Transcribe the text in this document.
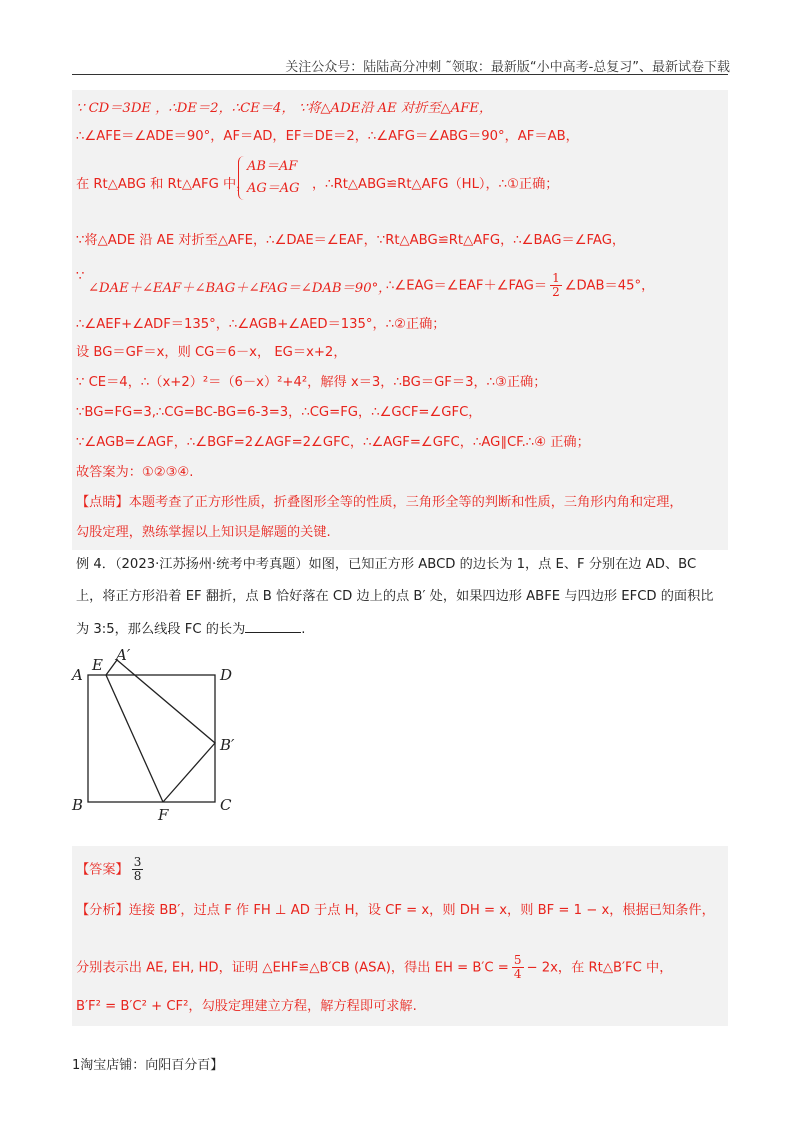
关注公众号：陆陆高分冲刺 ˜领取：最新版“小中高考-总复习”、最新试卷下载
∵ CD＝3DE ，∴DE＝2，∴CE＝4， ∵将△ADE沿 AE 对折至△AFE，
∴∠AFE＝∠ADE＝90°，AF＝AD，EF＝DE＝2，∴∠AFG＝∠ABG＝90°，AF＝AB，
在 Rt△ABG 和 Rt△AFG 中，
AB＝AF
AG＝AG ，∴Rt△ABG≌Rt△AFG（HL），∴①正确；
∵将△ADE 沿 AE 对折至△AFE，∴∠DAE＝∠EAF，∵Rt△ABG≌Rt△AFG，∴∠BAG＝∠FAG，
∵
∠DAE＋∠EAF＋∠BAG＋∠FAG＝∠DAB＝90°，
∴∠EAG＝∠EAF＋∠FAG＝ $\frac{1}{2}$ ∠DAB＝45°，
∴∠AEF+∠ADF＝135°，∴∠AGB+∠AED＝135°，∴②正确；
设 BG＝GF＝x，则 CG＝6－x， EG＝x+2，
∵ CE＝4，∴（x+2）²＝（6－x）²+4²，解得 x＝3，∴BG＝GF＝3，∴③正确；
∵BG=FG=3,∴CG=BC-BG=6-3=3，∴CG=FG，∴∠GCF=∠GFC，
∵∠AGB=∠AGF，∴∠BGF=2∠AGF=2∠GFC，∴∠AGF=∠GFC，∴AG∥CF.∴④ 正确；
故答案为：①②③④.
【点睛】本题考查了正方形性质，折叠图形全等的性质，三角形全等的判断和性质，三角形内角和定理，
勾股定理，熟练掌握以上知识是解题的关键.
例 4．（2023·江苏扬州·统考中考真题）如图，已知正方形 ABCD 的边长为 1，点 E、F 分别在边 AD、BC
上，将正方形沿着 EF 翻折，点 B 恰好落在 CD 边上的点 B′ 处，如果四边形 ABFE 与四边形 EFCD 的面积比
为 3:5，那么线段 FC 的长为	.
A
E
A′
D
B′
B
F
C
【答案】 $\frac{3}{8}$
【分析】连接 BB′，过点 F 作 FH ⊥ AD 于点 H，设 CF = x，则 DH = x，则 BF = 1 − x，根据已知条件，
分别表示出 AE, EH, HD，证明 △EHF≌△B′CB (ASA)，得出 EH = $B'C = \frac{5}{4} - 2x$，在 Rt△B′FC 中，
B′F² = B′C² + CF²，勾股定理建立方程，解方程即可求解.
1淘宝店铺：向阳百分百】
